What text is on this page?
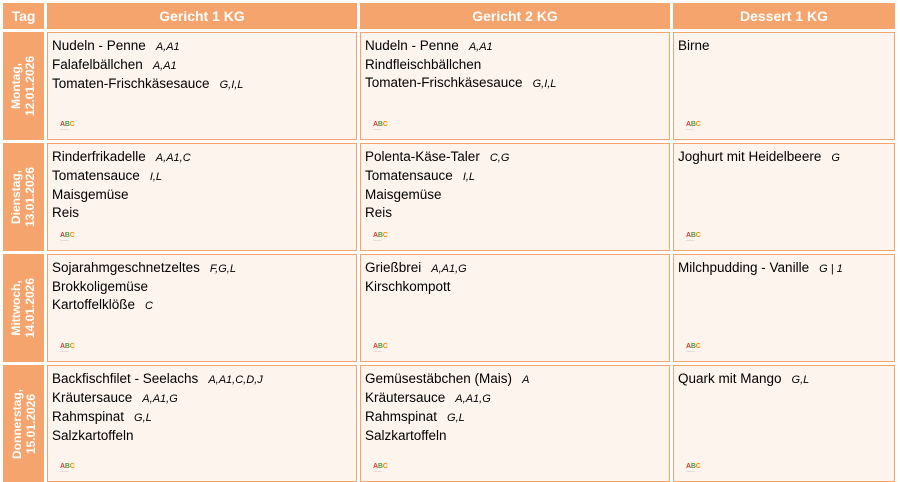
Tag	Gericht 1 KG	Gericht 2 KG	Dessert 1 KG
Montag, 12.01.2026
Nudeln - Penne A,A1
Falafelbällchen A,A1
Tomaten-Frischkäsesauce G,I,L
ABC
———
Nudeln - Penne A,A1
Rindfleischbällchen
Tomaten-Frischkäsesauce G,I,L
ABC
———
Birne
ABC
———
Dienstag, 13.01.2026
Rinderfrikadelle A,A1,C
Tomatensauce I,L
Maisgemüse
Reis
ABC
———
Polenta-Käse-Taler C,G
Tomatensauce I,L
Maisgemüse
Reis
ABC
———
Joghurt mit Heidelbeere G
ABC
———
Mittwoch, 14.01.2026
Sojarahmgeschnetzeltes F,G,L
Brokkoligemüse
Kartoffelklöße C
ABC
———
Grießbrei A,A1,G
Kirschkompott
ABC
———
Milchpudding - Vanille G | 1
ABC
———
Donnerstag, 15.01.2026
Backfischfilet - Seelachs A,A1,C,D,J
Kräutersauce A,A1,G
Rahmspinat G,L
Salzkartoffeln
ABC
———
Gemüsestäbchen (Mais) A
Kräutersauce A,A1,G
Rahmspinat G,L
Salzkartoffeln
ABC
———
Quark mit Mango G,L
ABC
———
